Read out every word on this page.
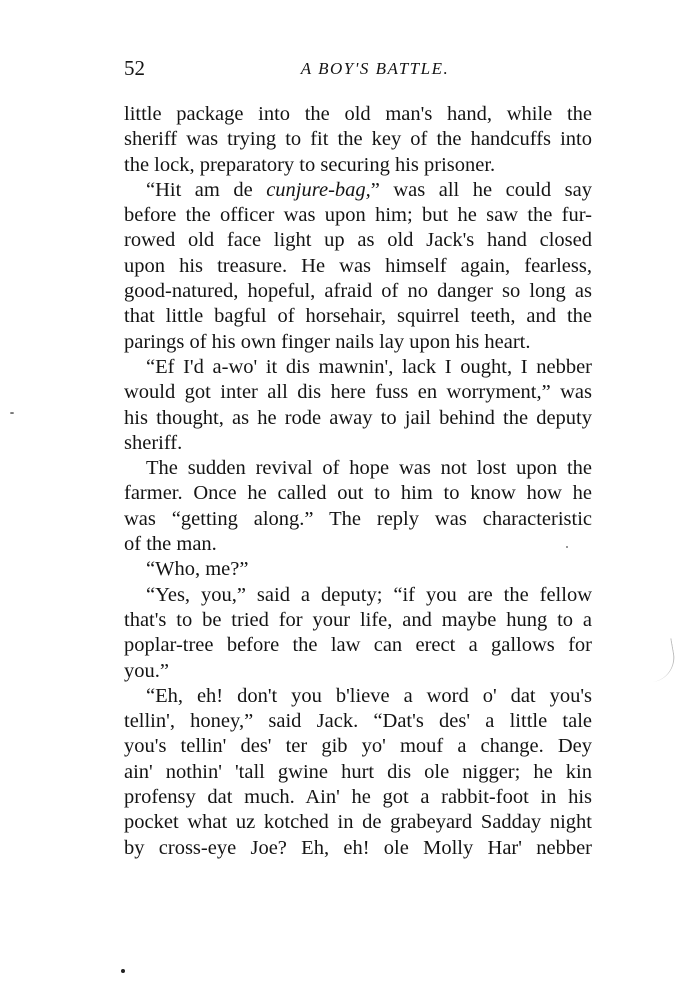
52	A BOY'S BATTLE.
little package into the old man's hand, while the
sheriff was trying to fit the key of the handcuffs into
the lock, preparatory to securing his prisoner.
“Hit am de cunjure-bag,” was all he could say
before the officer was upon him; but he saw the fur-
rowed old face light up as old Jack's hand closed
upon his treasure. He was himself again, fearless,
good-natured, hopeful, afraid of no danger so long as
that little bagful of horsehair, squirrel teeth, and the
parings of his own finger nails lay upon his heart.
“Ef I'd a-wo' it dis mawnin', lack I ought, I nebber
would got inter all dis here fuss en worryment,” was
his thought, as he rode away to jail behind the deputy
sheriff.
The sudden revival of hope was not lost upon the
farmer. Once he called out to him to know how he
was “getting along.” The reply was characteristic
of the man.
“Who, me?”
“Yes, you,” said a deputy; “if you are the fellow
that's to be tried for your life, and maybe hung to a
poplar-tree before the law can erect a gallows for
you.”
“Eh, eh! don't you b'lieve a word o' dat you's
tellin', honey,” said Jack. “Dat's des' a little tale
you's tellin' des' ter gib yo' mouf a change. Dey
ain' nothin' 'tall gwine hurt dis ole nigger; he kin
profensy dat much. Ain' he got a rabbit-foot in his
pocket what uz kotched in de grabeyard Sadday night
by cross-eye Joe? Eh, eh! ole Molly Har' nebber
